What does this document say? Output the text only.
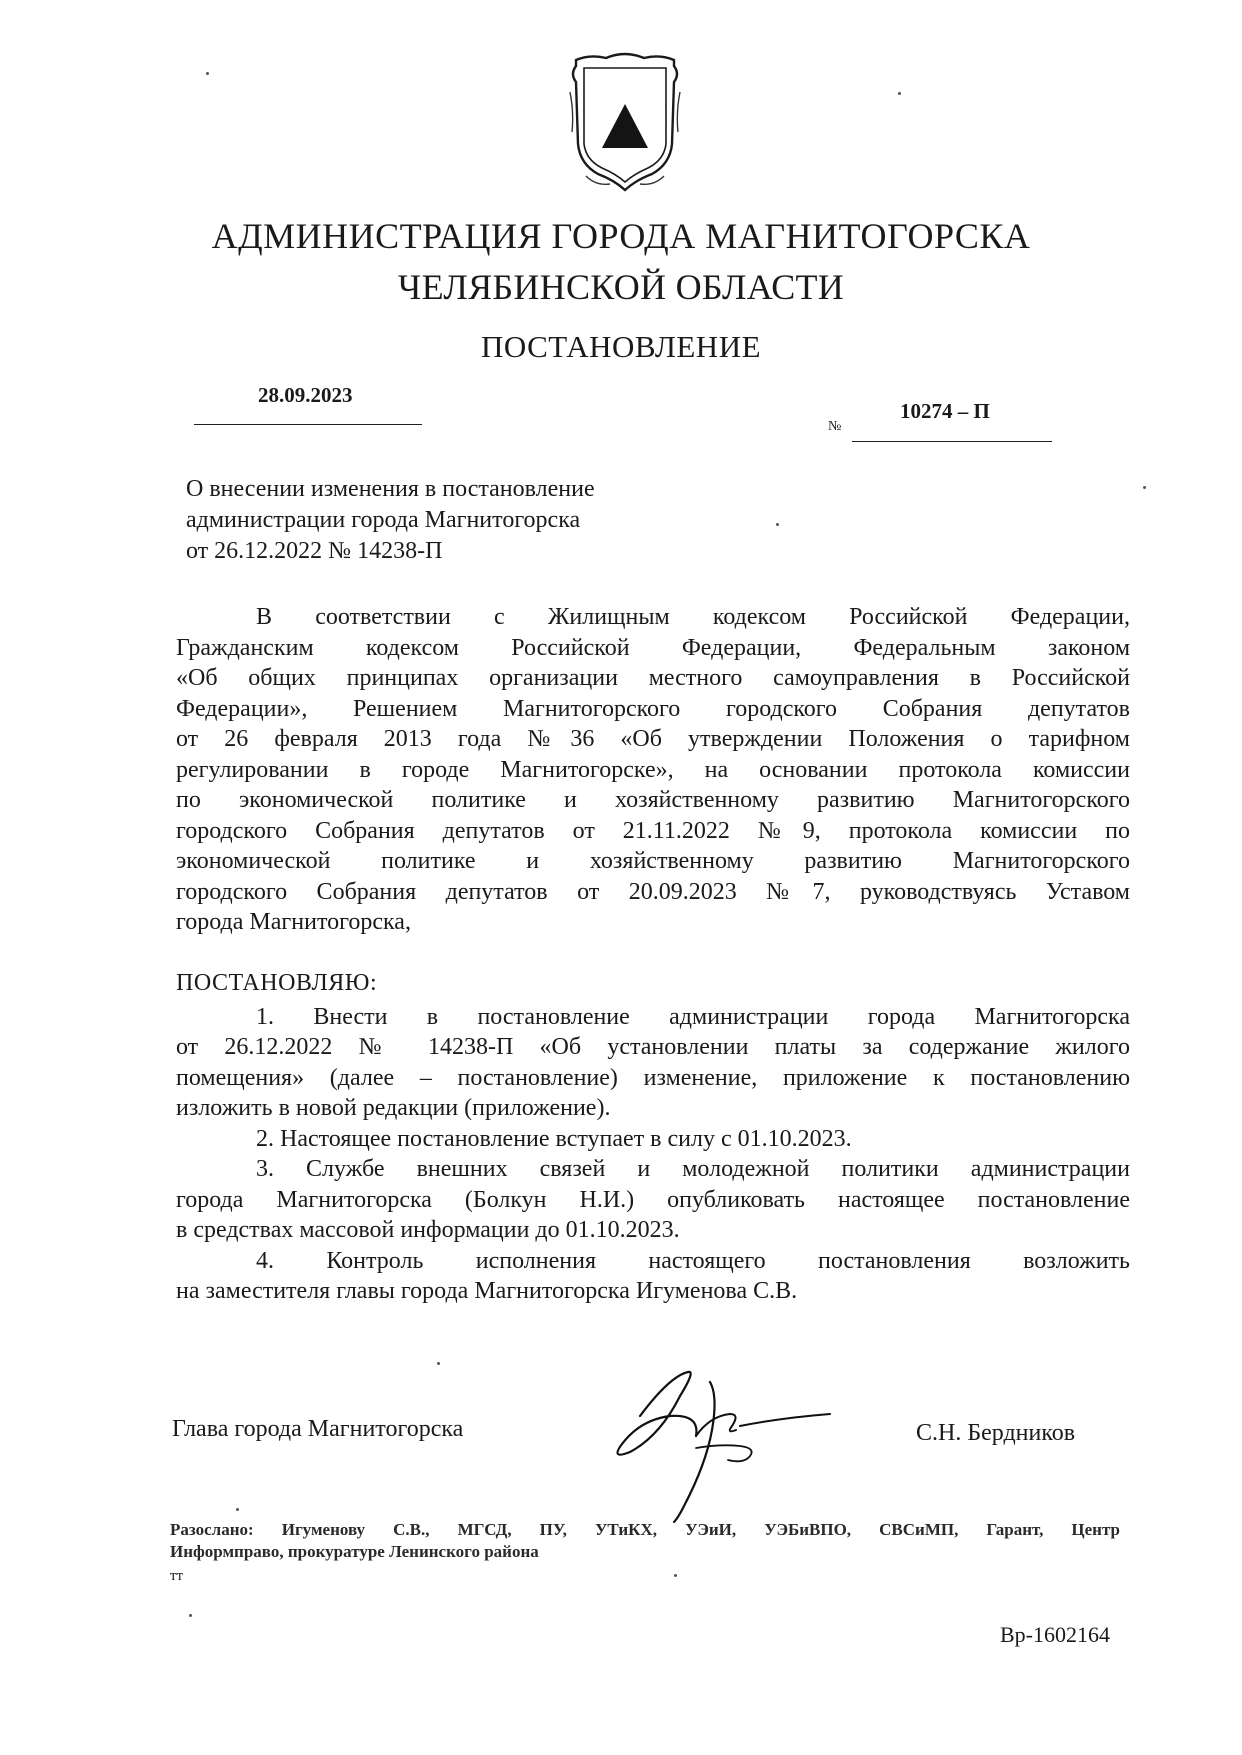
АДМИНИСТРАЦИЯ ГОРОДА МАГНИТОГОРСКА
ЧЕЛЯБИНСКОЙ ОБЛАСТИ
ПОСТАНОВЛЕНИЕ
28.09.2023
№
10274 – П
О внесении изменения в постановление
администрации города Магнитогорска
от 26.12.2022 № 14238-П
В соответствии с Жилищным кодексом Российской Федерации,
Гражданским кодексом Российской Федерации, Федеральным законом
«Об общих принципах организации местного самоуправления в Российской
Федерации», Решением Магнитогорского городского Собрания депутатов
от 26 февраля 2013 года №36 «Об утверждении Положения о тарифном
регулировании в городе Магнитогорске», на основании протокола комиссии
по экономической политике и хозяйственному развитию Магнитогорского
городского Собрания депутатов от 21.11.2022 №9, протокола комиссии по
экономической политике и хозяйственному развитию Магнитогорского
городского Собрания депутатов от 20.09.2023 №7, руководствуясь Уставом
города Магнитогорска,
ПОСТАНОВЛЯЮ:
1. Внести в постановление администрации города Магнитогорска
от 26.12.2022 № 14238-П «Об установлении платы за содержание жилого
помещения» (далее – постановление) изменение, приложение к постановлению
изложить в новой редакции (приложение).
2. Настоящее постановление вступает в силу с 01.10.2023.
3. Службе внешних связей и молодежной политики администрации
города Магнитогорска (Болкун Н.И.) опубликовать настоящее постановление
в средствах массовой информации до 01.10.2023.
4. Контроль исполнения настоящего постановления возложить
на заместителя главы города Магнитогорска Игуменова С.В.
Глава города Магнитогорска	С.Н. Бердников
Разослано: Игуменову С.В., МГСД, ПУ, УТиКХ, УЭиИ, УЭБиВПО, СВСиМП, Гарант, Центр
Информправо, прокуратуре Ленинского района
тт
Вр-1602164
